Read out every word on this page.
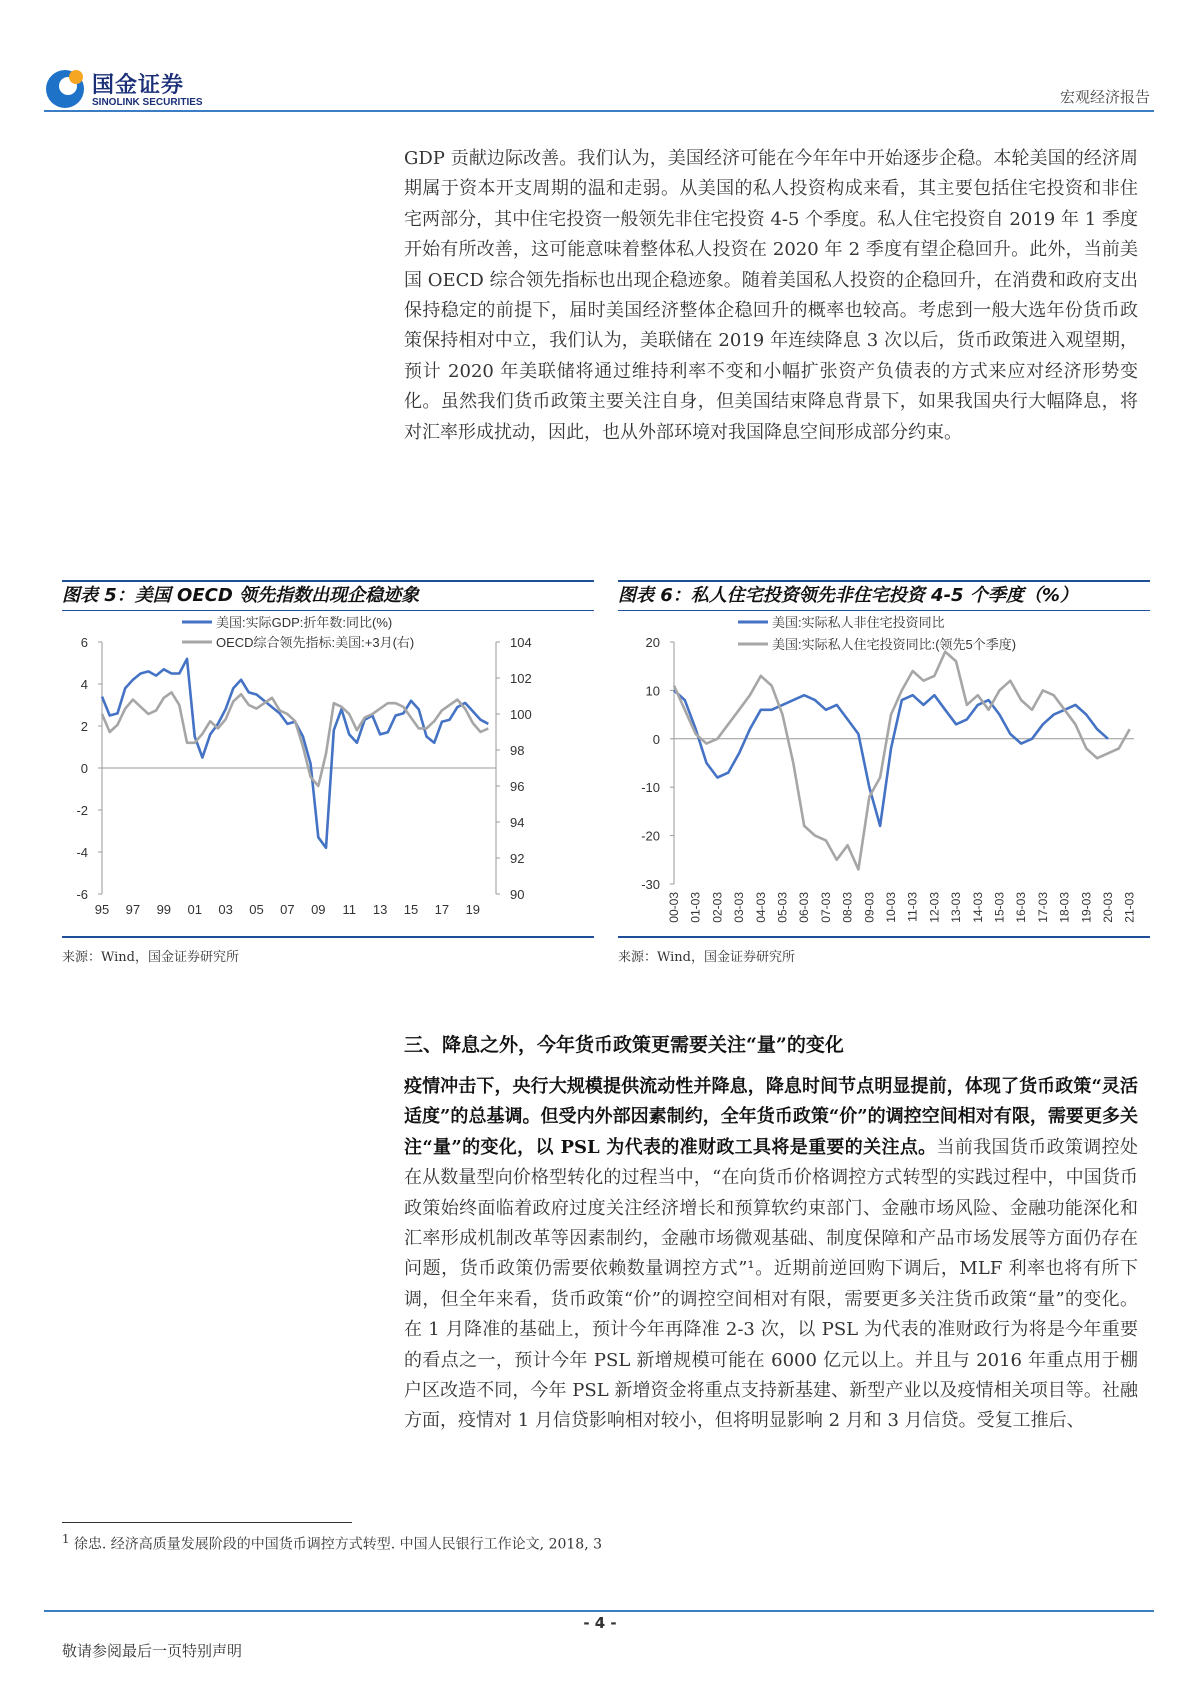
国金证券
SINOLINK SECURITIES	宏观经济报告

GDP 贡献边际改善。我们认为，美国经济可能在今年年中开始逐步企稳。本轮美国的经济周期属于资本开支周期的温和走弱。从美国的私人投资构成来看，其主要包括住宅投资和非住宅两部分，其中住宅投资一般领先非住宅投资 4-5 个季度。私人住宅投资自 2019 年 1 季度开始有所改善，这可能意味着整体私人投资在 2020 年 2 季度有望企稳回升。此外，当前美国 OECD 综合领先指标也出现企稳迹象。随着美国私人投资的企稳回升，在消费和政府支出保持稳定的前提下，届时美国经济整体企稳回升的概率也较高。考虑到一般大选年份货币政策保持相对中立，我们认为，美联储在 2019 年连续降息 3 次以后，货币政策进入观望期，预计 2020 年美联储将通过维持利率不变和小幅扩张资产负债表的方式来应对经济形势变化。虽然我们货币政策主要关注自身，但美国结束降息背景下，如果我国央行大幅降息，将对汇率形成扰动，因此，也从外部环境对我国降息空间形成部分约束。

图表 5：美国 OECD 领先指数出现企稳迹象
6
4
2
0
-2
-4
-6
104
102
100
98
96
94
92
90
95 97 99 01 03 05 07 09 11 13 15 17 19
美国:实际GDP:折年数:同比(%)
OECD综合领先指标:美国:+3月(右)
来源：Wind，国金证券研究所
图表 6：私人住宅投资领先非住宅投资 4-5 个季度（%）
20
10
0
-10
-20
-30
00-03 01-03 02-03 03-03 04-03 05-03 06-03 07-03 08-03 09-03 10-03 11-03 12-03 13-03 14-03 15-03 16-03 17-03 18-03 19-03 20-03 21-03
美国:实际私人非住宅投资同比
美国:实际私人住宅投资同比:(领先5个季度)
来源：Wind，国金证券研究所
三、降息之外，今年货币政策更需要关注“量”的变化

疫情冲击下，央行大规模提供流动性并降息，降息时间节点明显提前，体现了货币政策“灵活适度”的总基调。但受内外部因素制约，全年货币政策“价”的调控空间相对有限，需要更多关注“量”的变化，以 PSL 为代表的准财政工具将是重要的关注点。当前我国货币政策调控处在从数量型向价格型转化的过程当中，“在向货币价格调控方式转型的实践过程中，中国货币政策始终面临着政府过度关注经济增长和预算软约束部门、金融市场风险、金融功能深化和汇率形成机制改革等因素制约，金融市场微观基础、制度保障和产品市场发展等方面仍存在问题，货币政策仍需要依赖数量调控方式”¹。近期前逆回购下调后，MLF 利率也将有所下调，但全年来看，货币政策“价”的调控空间相对有限，需要更多关注货币政策“量”的变化。在 1 月降准的基础上，预计今年再降准 2-3 次，以 PSL 为代表的准财政行为将是今年重要的看点之一，预计今年 PSL 新增规模可能在 6000 亿元以上。并且与 2016 年重点用于棚户区改造不同，今年 PSL 新增资金将重点支持新基建、新型产业以及疫情相关项目等。社融方面，疫情对 1 月信贷影响相对较小，但将明显影响 2 月和 3 月信贷。受复工推后、

$^1$ 徐忠. 经济高质量发展阶段的中国货币调控方式转型. 中国人民银行工作论文, 2018, 3
- 4 -
敬请参阅最后一页特别声明
